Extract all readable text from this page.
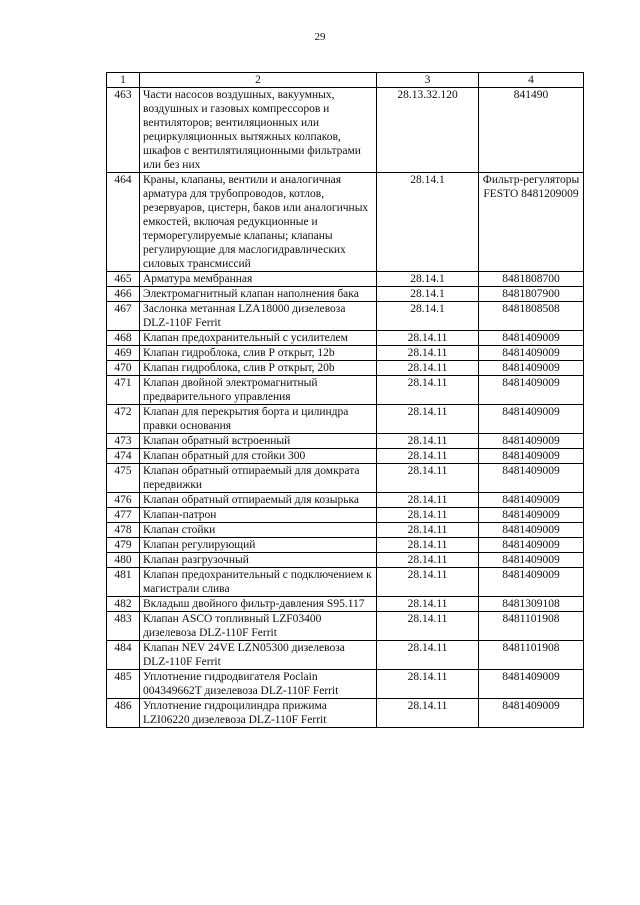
29
1	2	3	4
463	Части насосов воздушных, вакуумных, воздушных и газовых компрессоров и вентиляторов; вентиляционных или рециркуляционных вытяжных колпаков, шкафов с вентилятиляционными фильтрами или без них	28.13.32.120	841490
464	Краны, клапаны, вентили и аналогичная арматура для трубопроводов, котлов, резервуаров, цистерн, баков или аналогичных емкостей, включая редукционные и терморегулируемые клапаны; клапаны регулирующие для маслогидравлических силовых трансмиссий	28.14.1	Фильтр-регуляторы FESTO 8481209009
465	Арматура мембранная	28.14.1	8481808700
466	Электромагнитный клапан наполнения бака	28.14.1	8481807900
467	Заслонка метанная LZA18000 дизелевоза DLZ-110F Ferrit	28.14.1	8481808508
468	Клапан предохранительный с усилителем	28.14.11	8481409009
469	Клапан гидроблока, слив Р открыт, 12b	28.14.11	8481409009
470	Клапан гидроблока, слив Р открыт, 20b	28.14.11	8481409009
471	Клапан двойной электромагнитный предварительного управления	28.14.11	8481409009
472	Клапан для перекрытия борта и цилиндра правки основания	28.14.11	8481409009
473	Клапан обратный встроенный	28.14.11	8481409009
474	Клапан обратный для стойки 300	28.14.11	8481409009
475	Клапан обратный отпираемый для домкрата передвижки	28.14.11	8481409009
476	Клапан обратный отпираемый для козырька	28.14.11	8481409009
477	Клапан-патрон	28.14.11	8481409009
478	Клапан стойки	28.14.11	8481409009
479	Клапан регулирующий	28.14.11	8481409009
480	Клапан разгрузочный	28.14.11	8481409009
481	Клапан предохранительный с подключением к магистрали слива	28.14.11	8481409009
482	Вкладыш двойного фильтр-давления S95.117	28.14.11	8481309108
483	Клапан ASCO топливный LZF03400 дизелевоза DLZ-110F Ferrit	28.14.11	8481101908
484	Клапан NEV 24VE LZN05300 дизелевоза DLZ-110F Ferrit	28.14.11	8481101908
485	Уплотнение гидродвигателя Poclain 004349662T дизелевоза DLZ-110F Ferrit	28.14.11	8481409009
486	Уплотнение гидроцилиндра прижима LZI06220 дизелевоза DLZ-110F Ferrit	28.14.11	8481409009
